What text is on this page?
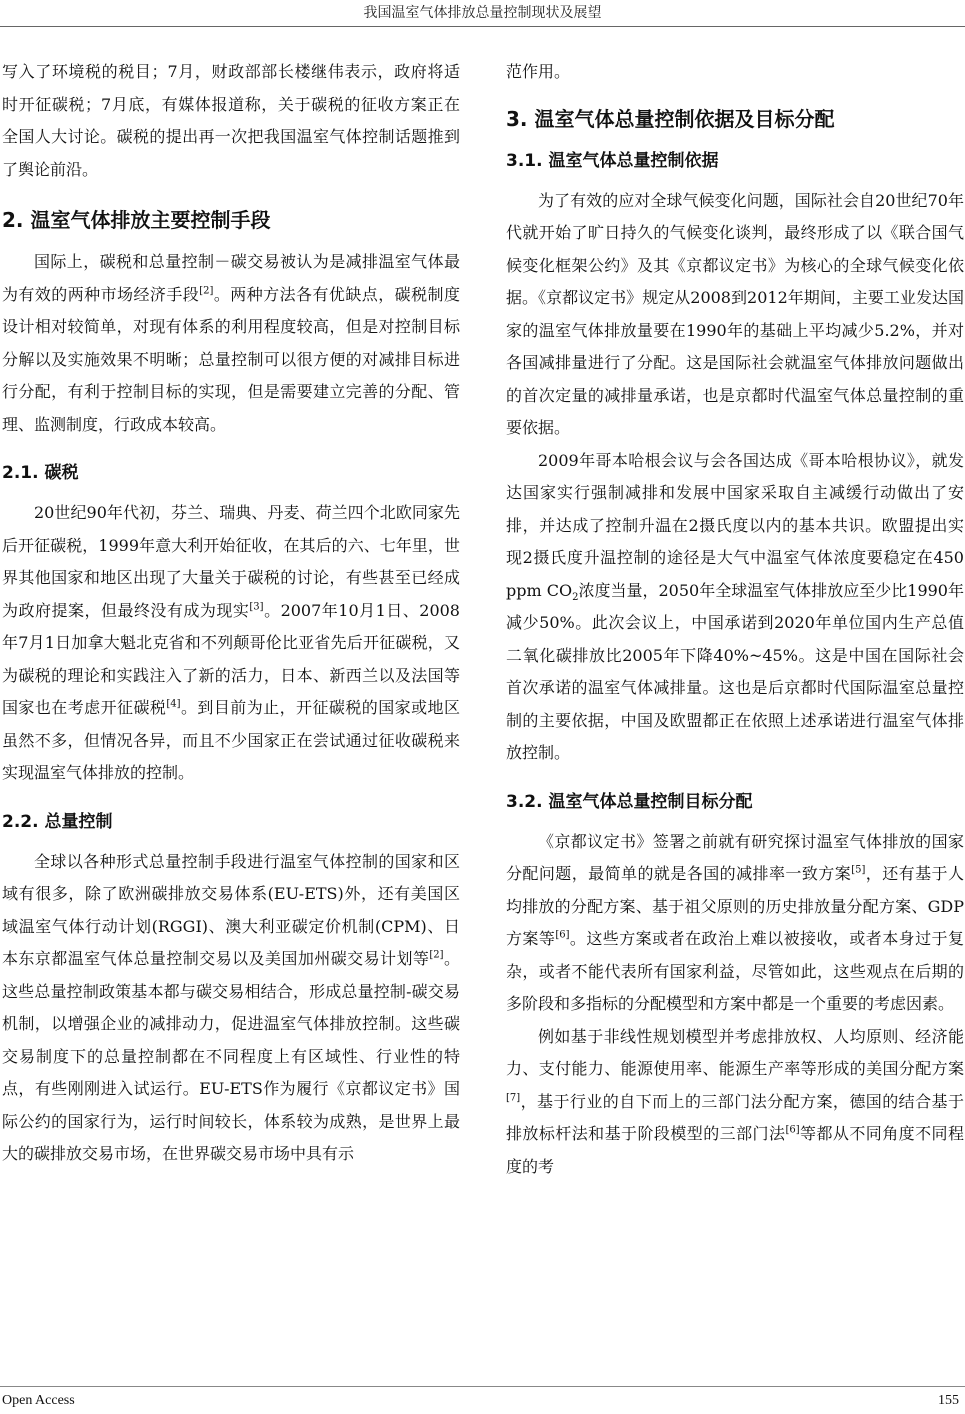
我国温室气体排放总量控制现状及展望

写入了环境税的税目；7月，财政部部长楼继伟表示，政府将适时开征碳税；7月底，有媒体报道称，关于碳税的征收方案正在全国人大讨论。碳税的提出再一次把我国温室气体控制话题推到了舆论前沿。

2. 温室气体排放主要控制手段

国际上，碳税和总量控制－碳交易被认为是减排温室气体最为有效的两种市场经济手段[2]。两种方法各有优缺点，碳税制度设计相对较简单，对现有体系的利用程度较高，但是对控制目标分解以及实施效果不明晰；总量控制可以很方便的对减排目标进行分配，有利于控制目标的实现，但是需要建立完善的分配、管理、监测制度，行政成本较高。

2.1. 碳税

20世纪90年代初，芬兰、瑞典、丹麦、荷兰四个北欧同家先后开征碳税，1999年意大利开始征收，在其后的六、七年里，世界其他国家和地区出现了大量关于碳税的讨论，有些甚至已经成为政府提案，但最终没有成为现实[3]。2007年10月1日、2008年7月1日加拿大魁北克省和不列颠哥伦比亚省先后开征碳税，又为碳税的理论和实践注入了新的活力，日本、新西兰以及法国等国家也在考虑开征碳税[4]。到目前为止，开征碳税的国家或地区虽然不多，但情况各异，而且不少国家正在尝试通过征收碳税来实现温室气体排放的控制。

2.2. 总量控制

全球以各种形式总量控制手段进行温室气体控制的国家和区域有很多，除了欧洲碳排放交易体系(EU-ETS)外，还有美国区域温室气体行动计划(RGGI)、澳大利亚碳定价机制(CPM)、日本东京都温室气体总量控制交易以及美国加州碳交易计划等[2]。这些总量控制政策基本都与碳交易相结合，形成总量控制-碳交易机制，以增强企业的减排动力，促进温室气体排放控制。这些碳交易制度下的总量控制都在不同程度上有区域性、行业性的特点，有些刚刚进入试运行。EU-ETS作为履行《京都议定书》国际公约的国家行为，运行时间较长，体系较为成熟，是世界上最大的碳排放交易市场，在世界碳交易市场中具有示

范作用。

3. 温室气体总量控制依据及目标分配
3.1. 温室气体总量控制依据

为了有效的应对全球气候变化问题，国际社会自20世纪70年代就开始了旷日持久的气候变化谈判，最终形成了以《联合国气候变化框架公约》及其《京都议定书》为核心的全球气候变化依据。《京都议定书》规定从2008到2012年期间，主要工业发达国家的温室气体排放量要在1990年的基础上平均减少5.2%，并对各国减排量进行了分配。这是国际社会就温室气体排放问题做出的首次定量的减排量承诺，也是京都时代温室气体总量控制的重要依据。

2009年哥本哈根会议与会各国达成《哥本哈根协议》，就发达国家实行强制减排和发展中国家采取自主减缓行动做出了安排，并达成了控制升温在2摄氏度以内的基本共识。欧盟提出实现2摄氏度升温控制的途径是大气中温室气体浓度要稳定在450 ppm $CO_2$浓度当量，2050年全球温室气体排放应至少比1990年减少50%。此次会议上，中国承诺到2020年单位国内生产总值二氧化碳排放比2005年下降40%~45%。这是中国在国际社会首次承诺的温室气体减排量。这也是后京都时代国际温室总量控制的主要依据，中国及欧盟都正在依照上述承诺进行温室气体排放控制。

3.2. 温室气体总量控制目标分配

《京都议定书》签署之前就有研究探讨温室气体排放的国家分配问题，最简单的就是各国的减排率一致方案[5]，还有基于人均排放的分配方案、基于祖父原则的历史排放量分配方案、GDP方案等[6]。这些方案或者在政治上难以被接收，或者本身过于复杂，或者不能代表所有国家利益，尽管如此，这些观点在后期的多阶段和多指标的分配模型和方案中都是一个重要的考虑因素。

例如基于非线性规划模型并考虑排放权、人均原则、经济能力、支付能力、能源使用率、能源生产率等形成的美国分配方案[7]，基于行业的自下而上的三部门法分配方案，德国的结合基于排放标杆法和基于阶段模型的三部门法[6]等都从不同角度不同程度的考

Open Access	155
